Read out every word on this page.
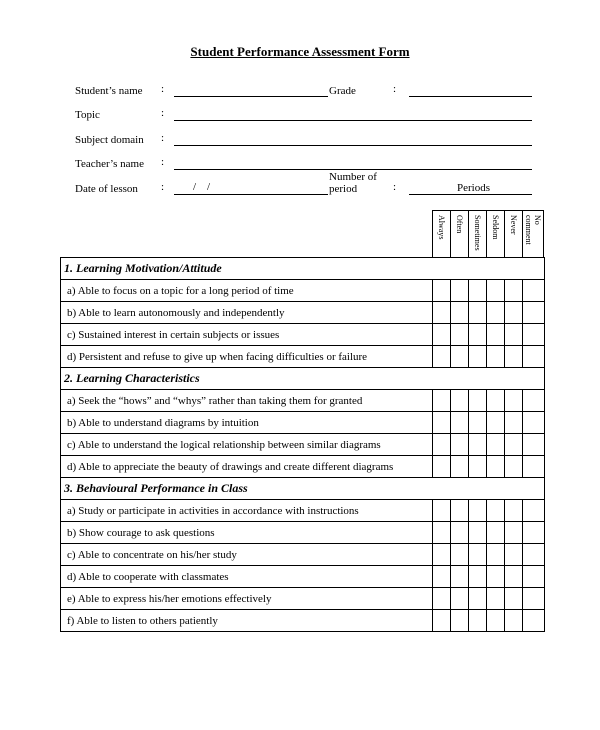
Student Performance Assessment Form
Student’s name :	Grade	:
Topic	:
Subject domain :
Teacher’s name :
Date of lesson :	/    /
Number of
period	:	Periods
Always Often Sometimes Seldom Never	No comment
1. Learning Motivation/Attitude						
a) Able to focus on a topic for a long period of time						
b) Able to learn autonomously and independently						
c) Sustained interest in certain subjects or issues						
d) Persistent and refuse to give up when facing difficulties or failure						
2. Learning Characteristics						
a) Seek the “hows” and “whys” rather than taking them for granted						
b) Able to understand diagrams by intuition						
c) Able to understand the logical relationship between similar diagrams						
d) Able to appreciate the beauty of drawings and create different diagrams						
3. Behavioural Performance in Class						
a) Study or participate in activities in accordance with instructions						
b) Show courage to ask questions						
c) Able to concentrate on his/her study						
d) Able to cooperate with classmates						
e) Able to express his/her emotions effectively						
f) Able to listen to others patiently						
